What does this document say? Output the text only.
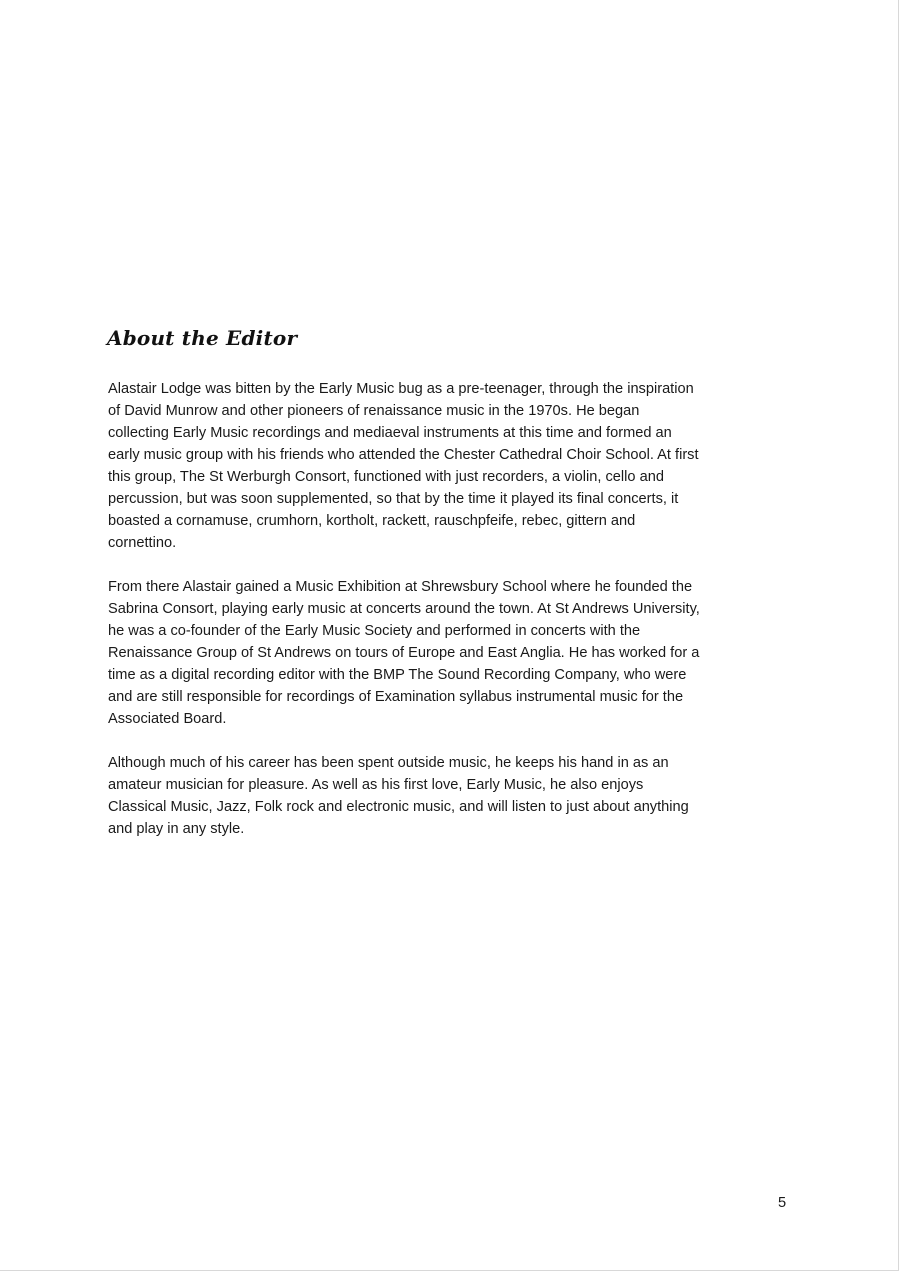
About the Editor

Alastair Lodge was bitten by the Early Music bug as a pre-teenager, through the inspiration
of David Munrow and other pioneers of renaissance music in the 1970s. He began
collecting Early Music recordings and mediaeval instruments at this time and formed an
early music group with his friends who attended the Chester Cathedral Choir School. At first
this group, The St Werburgh Consort, functioned with just recorders, a violin, cello and
percussion, but was soon supplemented, so that by the time it played its final concerts, it
boasted a cornamuse, crumhorn, kortholt, rackett, rauschpfeife, rebec, gittern and
cornettino.

From there Alastair gained a Music Exhibition at Shrewsbury School where he founded the
Sabrina Consort, playing early music at concerts around the town. At St Andrews University,
he was a co-founder of the Early Music Society and performed in concerts with the
Renaissance Group of St Andrews on tours of Europe and East Anglia. He has worked for a
time as a digital recording editor with the BMP The Sound Recording Company, who were
and are still responsible for recordings of Examination syllabus instrumental music for the
Associated Board.

Although much of his career has been spent outside music, he keeps his hand in as an
amateur musician for pleasure. As well as his first love, Early Music, he also enjoys
Classical Music, Jazz, Folk rock and electronic music, and will listen to just about anything
and play in any style.

5
